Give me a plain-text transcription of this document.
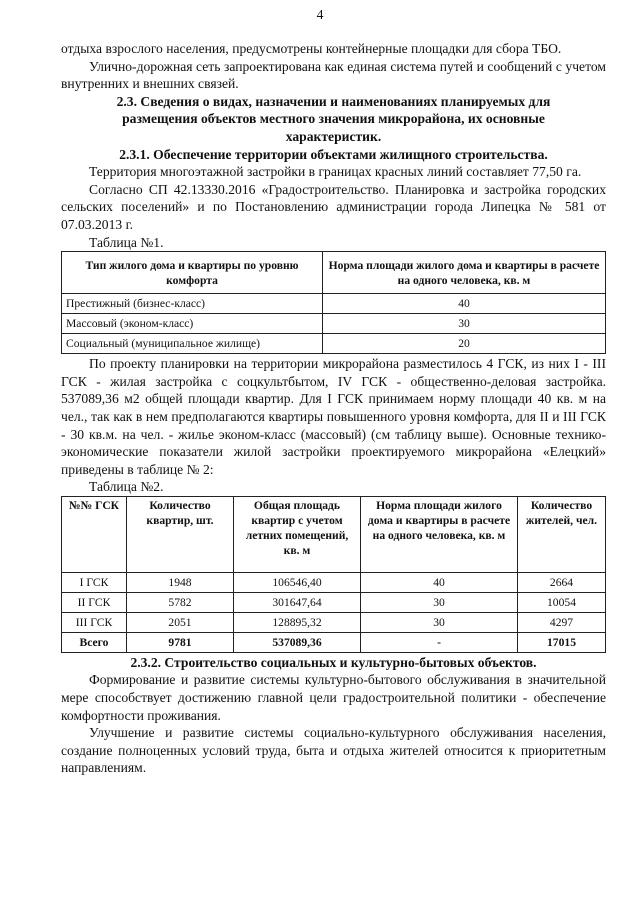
4

отдыха взрослого населения, предусмотрены контейнерные площадки для сбора ТБО.

Улично-дорожная сеть запроектирована как единая система путей и сообщений с учетом внутренних и внешних связей.

2.3. Сведения о видах, назначении и наименованиях планируемых для размещения объектов местного значения микрорайона, их основные характеристик.

2.3.1. Обеспечение территории объектами жилищного строительства.

Территория многоэтажной застройки в границах красных линий составляет 77,50 га.

Согласно СП 42.13330.2016 «Градостроительство. Планировка и застройка городских сельских поселений» и по Постановлению администрации города Липецка № 581 от 07.03.2013 г.

Таблица №1.

Тип жилого дома и квартиры по уровню комфорта	Норма площади жилого дома и квартиры в расчете на одного человека, кв. м
Престижный (бизнес-класс)	40
Массовый (эконом-класс)	30
Социальный (муниципальное жилище)	20

По проекту планировки на территории микрорайона разместилось 4 ГСК, из них I - III ГСК - жилая застройка с соцкультбытом, IV ГСК - общественно-деловая застройка. 537089,36 м2 общей площади квартир. Для I ГСК принимаем норму площади 40 кв. м на чел., так как в нем предполагаются квартиры повышенного уровня комфорта, для II и III ГСК - 30 кв.м. на чел. - жилье эконом-класс (массовый) (см таблицу выше). Основные технико-экономические показатели жилой застройки проектируемого микрорайона «Елецкий» приведены в таблице № 2:

Таблица №2.

№№ ГСК	Количество квартир, шт.	Общая площадь квартир с учетом летних помещений, кв. м	Норма площади жилого дома и квартиры в расчете на одного человека, кв. м	Количество жителей, чел.
I ГСК	1948	106546,40	40	2664
II ГСК	5782	301647,64	30	10054
III ГСК	2051	128895,32	30	4297
Всего	9781	537089,36	-	17015

2.3.2. Строительство социальных и культурно-бытовых объектов.

Формирование и развитие системы культурно-бытового обслуживания в значительной мере способствует достижению главной цели градостроительной политики - обеспечение комфортности проживания.

Улучшение и развитие системы социально-культурного обслуживания населения, создание полноценных условий труда, быта и отдыха жителей относится к приоритетным направлениям.
